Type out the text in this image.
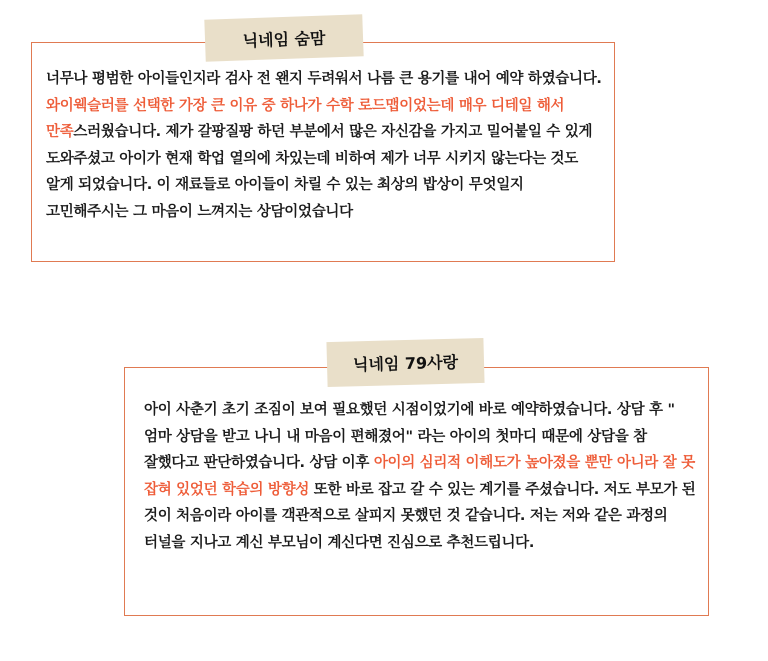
닉네임 숨맘
너무나 평범한 아이들인지라 검사 전 왠지 두려워서 나름 큰 용기를 내어 예약 하였습니다. 와이웩슬러를 선택한 가장 큰 이유 중 하나가 수학 로드맵이었는데 매우 디테일 해서 만족스러웠습니다. 제가 갈팡질팡 하던 부분에서 많은 자신감을 가지고 밀어붙일 수 있게 도와주셨고 아이가 현재 학업 열의에 차있는데 비하여 제가 너무 시키지 않는다는 것도 알게 되었습니다. 이 재료들로 아이들이 차릴 수 있는 최상의 밥상이 무엇일지 고민해주시는 그 마음이 느껴지는 상담이었습니다
닉네임 79사랑
아이 사춘기 초기 조짐이 보여 필요했던 시점이었기에 바로 예약하였습니다. 상담 후 " 엄마 상담을 받고 나니 내 마음이 편해졌어" 라는 아이의 첫마디 때문에 상담을 참 잘했다고 판단하였습니다. 상담 이후 아이의 심리적 이해도가 높아졌을 뿐만 아니라 잘 못 잡혀 있었던 학습의 방향성 또한 바로 잡고 갈 수 있는 계기를 주셨습니다. 저도 부모가 된 것이 처음이라 아이를 객관적으로 살피지 못했던 것 같습니다. 저는 저와 같은 과정의 터널을 지나고 계신 부모님이 계신다면 진심으로 추천드립니다.
